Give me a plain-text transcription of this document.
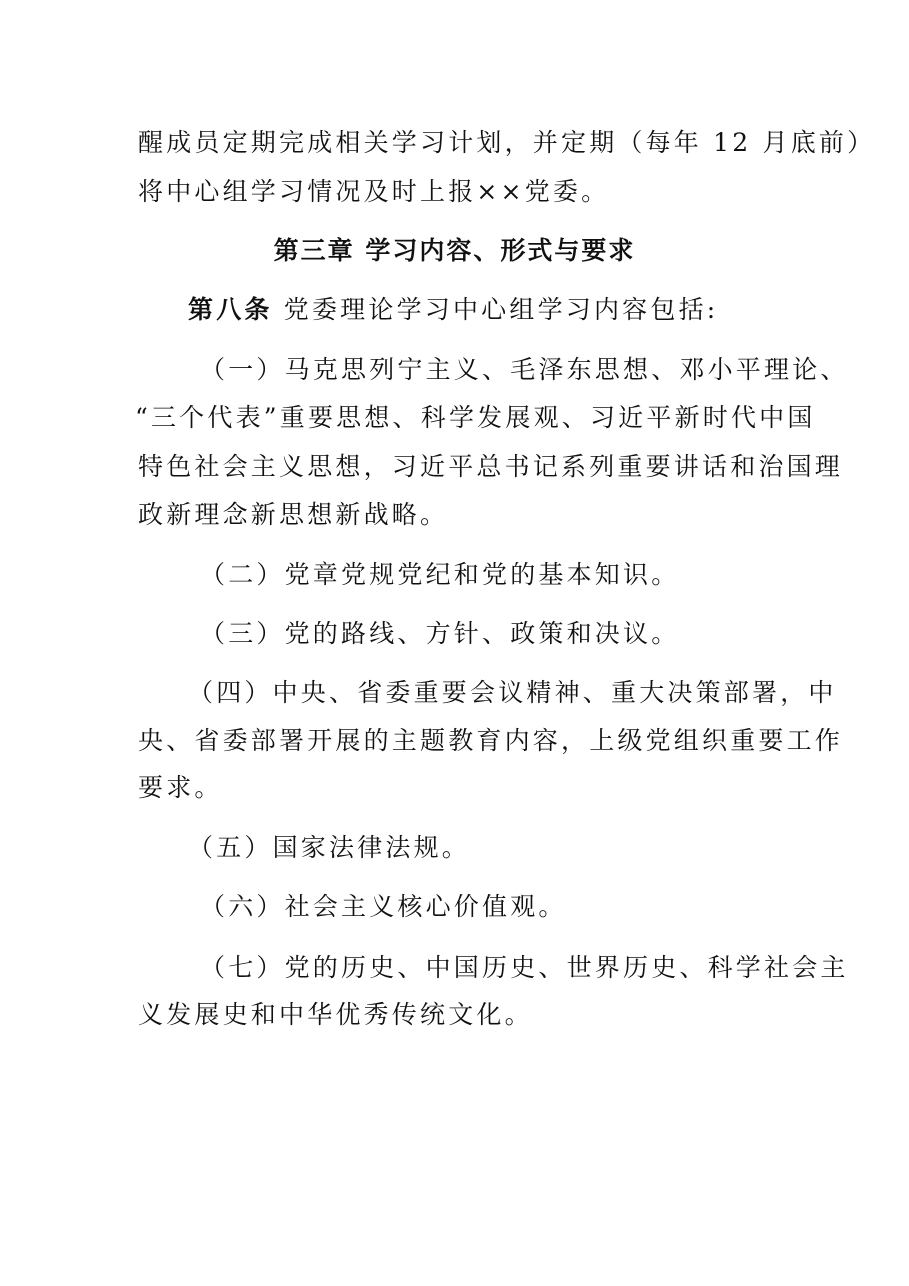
醒成员定期完成相关学习计划，并定期（每年 12 月底前）
将中心组学习情况及时上报××党委。
第三章 学习内容、形式与要求
第八条 党委理论学习中心组学习内容包括:
（一）马克思列宁主义、毛泽东思想、邓小平理论、
“三个代表”重要思想、科学发展观、习近平新时代中国
特色社会主义思想，习近平总书记系列重要讲话和治国理
政新理念新思想新战略。
（二）党章党规党纪和党的基本知识。
（三）党的路线、方针、政策和决议。
（四）中央、省委重要会议精神、重大决策部署，中
央、省委部署开展的主题教育内容，上级党组织重要工作
要求。
（五）国家法律法规。
（六）社会主义核心价值观。
（七）党的历史、中国历史、世界历史、科学社会主
义发展史和中华优秀传统文化。
